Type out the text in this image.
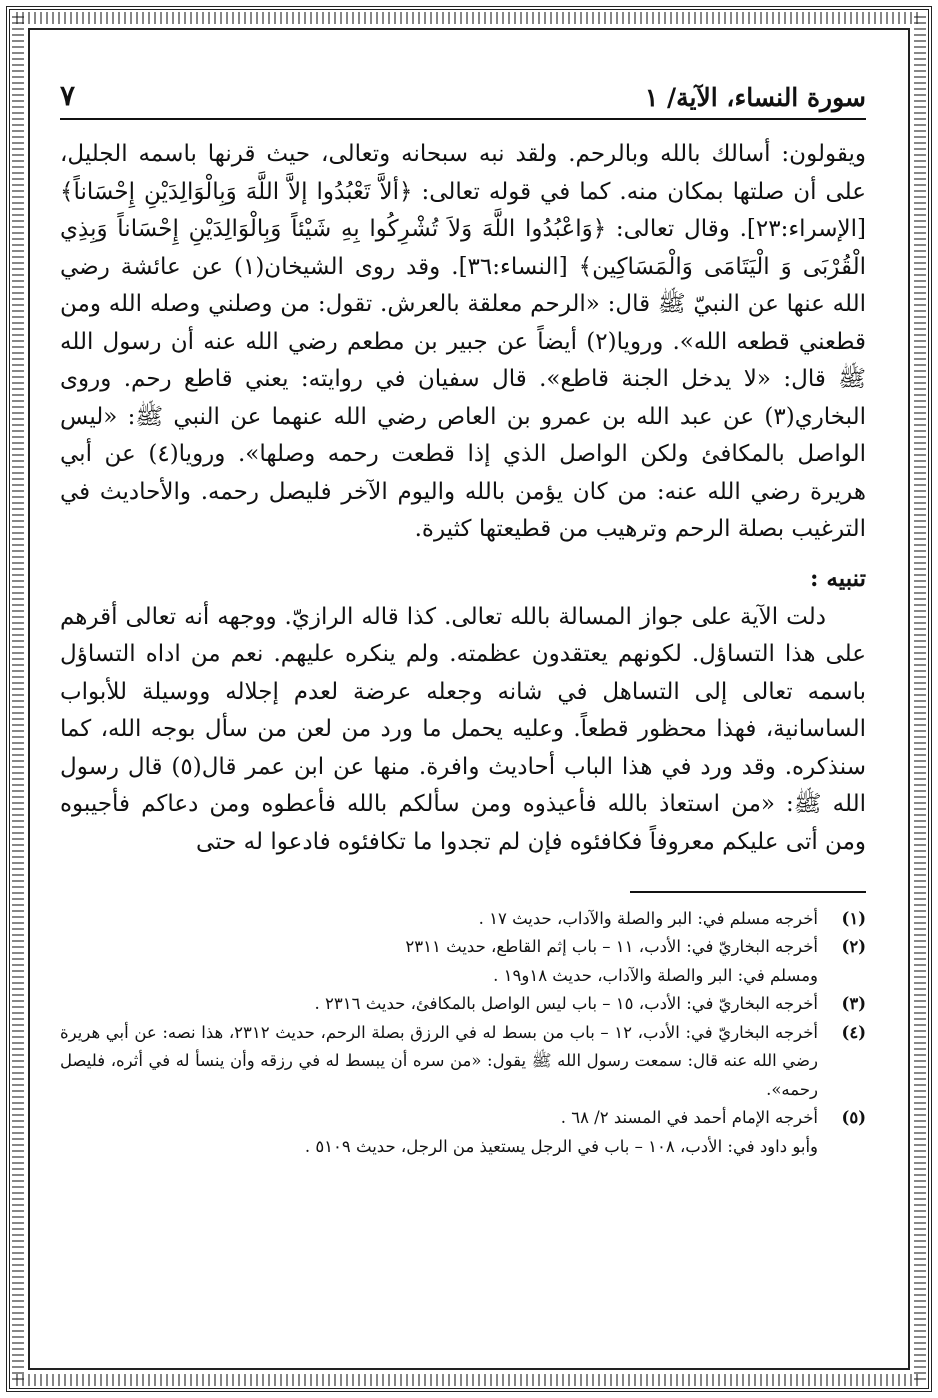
سورة النساء، الآية/ ١
٧

ويقولون: أسالك بالله وبالرحم. ولقد نبه سبحانه وتعالى، حيث قرنها باسمه الجليل، على أن صلتها بمكان منه. كما في قوله تعالى: ﴿ألاَّ تَعْبُدُوا إلاَّ اللَّهَ وَبِالْوَالِدَيْنِ إِحْسَاناً﴾ [الإسراء:٢٣]. وقال تعالى: ﴿وَاعْبُدُوا اللَّهَ وَلاَ تُشْرِكُوا بِهِ شَيْئاً وَبِالْوَالِدَيْنِ إِحْسَاناً وَبِذِي الْقُرْبَى وَ الْيَتَامَى وَالْمَسَاكِين﴾ [النساء:٣٦]. وقد روى الشيخان(١) عن عائشة رضي الله عنها عن النبيّ ﷺ قال: «الرحم معلقة بالعرش. تقول: من وصلني وصله الله ومن قطعني قطعه الله». ورويا(٢) أيضاً عن جبير بن مطعم رضي الله عنه أن رسول الله ﷺ قال: «لا يدخل الجنة قاطع». قال سفيان في روايته: يعني قاطع رحم. وروى البخاري(٣) عن عبد الله بن عمرو بن العاص رضي الله عنهما عن النبي ﷺ: «ليس الواصل بالمكافئ ولكن الواصل الذي إذا قطعت رحمه وصلها». ورويا(٤) عن أبي هريرة رضي الله عنه: من كان يؤمن بالله واليوم الآخر فليصل رحمه. والأحاديث في الترغيب بصلة الرحم وترهيب من قطيعتها كثيرة.

تنبيه :

دلت الآية على جواز المسالة بالله تعالى. كذا قاله الرازيّ. ووجهه أنه تعالى أقرهم على هذا التساؤل. لكونهم يعتقدون عظمته. ولم ينكره عليهم. نعم من اداه التساؤل باسمه تعالى إلى التساهل في شانه وجعله عرضة لعدم إجلاله ووسيلة للأبواب الساسانية، فهذا محظور قطعاً. وعليه يحمل ما ورد من لعن من سأل بوجه الله، كما سنذكره. وقد ورد في هذا الباب أحاديث وافرة. منها عن ابن عمر قال(٥) قال رسول الله ﷺ: «من استعاذ بالله فأعيذوه ومن سألكم بالله فأعطوه ومن دعاكم فأجيبوه ومن أتى عليكم معروفاً فكافئوه فإن لم تجدوا ما تكافئوه فادعوا له حتى

(١)
أخرجه مسلم في: البر والصلة والآداب، حديث ١٧ .
(٢)
أخرجه البخاريّ في: الأدب، ١١ – باب إثم القاطع، حديث ٢٣١١
ومسلم في: البر والصلة والآداب، حديث ١٨و١٩ .
(٣)
أخرجه البخاريّ في: الأدب، ١٥ – باب ليس الواصل بالمكافئ، حديث ٢٣١٦ .
(٤)
أخرجه البخاريّ في: الأدب، ١٢ – باب من بسط له في الرزق بصلة الرحم، حديث ٢٣١٢، هذا نصه: عن أبي هريرة رضي الله عنه قال: سمعت رسول الله ﷺ يقول: «من سره أن يبسط له في رزقه وأن ينسأ له في أثره، فليصل رحمه».
(٥)
أخرجه الإمام أحمد في المسند ٢/ ٦٨ .
وأبو داود في: الأدب، ١٠٨ – باب في الرجل يستعيذ من الرجل، حديث ٥١٠٩ .
